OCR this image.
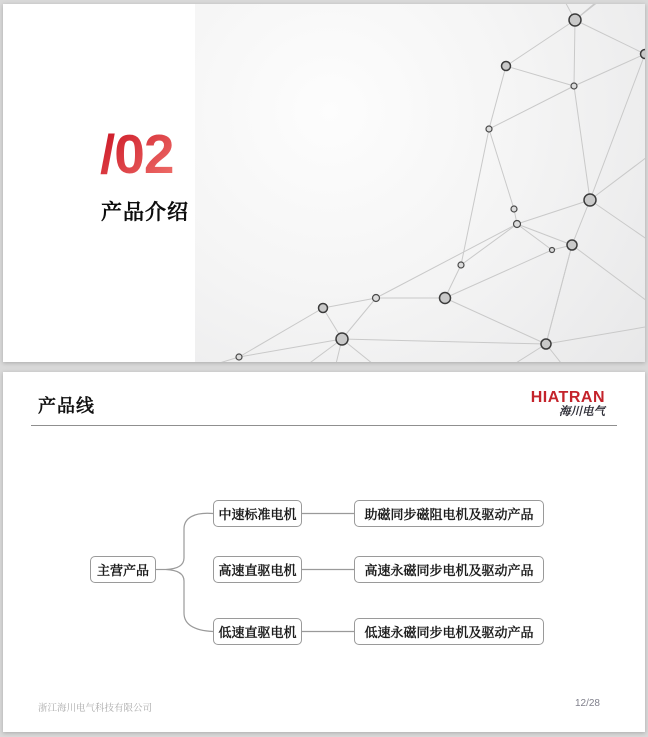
/02
产品介绍
产品线	HIATRAN
海川电气
主营产品
中速标准电机
高速直驱电机
低速直驱电机
助磁同步磁阻电机及驱动产品
高速永磁同步电机及驱动产品
低速永磁同步电机及驱动产品
浙江海川电气科技有限公司	12/28
